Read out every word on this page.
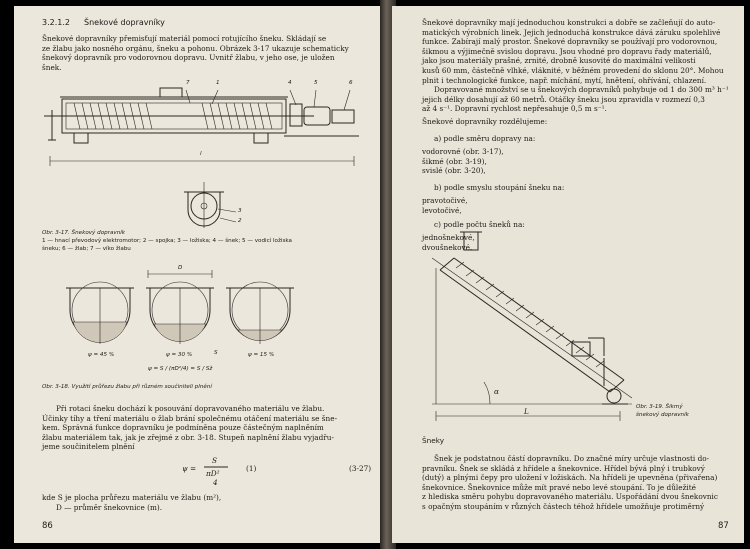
3.2.1.2 Šnekové dopravníky
Šnekové dopravníky přemisťují materiál pomocí rotujícího šneku. Skládají se
ze žlabu jako nosného orgánu, šneku a pohonu. Obrázek 3-17 ukazuje schematicky
šnekový dopravník pro vodorovnou dopravu. Uvnitř žlabu, v jeho ose, je uložen
šnek.
7	1	4	5	6
3
2
l
Obr. 3-17. Šnekový dopravník
1 — hnací převodový elektromotor; 2 — spojka; 3 — ložiska; 4 — šnek; 5 — vodicí ložiska
šneku; 6 — žlab; 7 — víko žlabu
D
S
ψ = 45 %	ψ = 30 %	ψ = 15 %
ψ = S / (πD²/4) = S / Sž
Obr. 3-18. Využití průřezu žlabu při různém součiniteli plnění
Při rotaci šneku dochází k posouvání dopravovaného materiálu ve žlabu.
Účinky tíhy a tření materiálu o žlab brání společnému otáčení materiálu se šne-
kem. Správná funkce dopravníku je podmíněna pouze částečným naplněním
žlabu materiálem tak, jak je zřejmé z obr. 3-18. Stupeň naplnění žlabu vyjadřu-
jeme součinitelem plnění
ψ =
S
πD²
4
(1)	(3-27)
kde S je plocha průřezu materiálu ve žlabu (m²),
D — průměr šnekovnice (m).
86
Šnekové dopravníky mají jednoduchou konstrukci a dobře se začleňují do auto-
matických výrobních linek. Jejich jednoduchá konstrukce dává záruku spolehlivé
funkce. Zabírají malý prostor. Šnekové dopravníky se používají pro vodorovnou,
šikmou a výjimečně svislou dopravu. Jsou vhodné pro dopravu řady materiálů,
jako jsou materiály prašné, zrnité, drobně kusovité do maximální velikosti
kusů 60 mm, částečně vlhké, vláknité, v běžném provedení do sklonu 20°. Mohou
plnit i technologické funkce, např. míchání, mytí, hnětení, ohřívání, chlazení.
Dopravované množství se u šnekových dopravníků pohybuje od 1 do 300 m³ h⁻¹
jejich délky dosahují až 60 metrů. Otáčky šneku jsou zpravidla v rozmezí 0,3
až 4 s⁻¹. Dopravní rychlost nepřesahuje 0,5 m s⁻¹.
Šnekové dopravníky rozdělujeme:
a) podle směru dopravy na:
vodorovné (obr. 3-17),
šikmé (obr. 3-19),
svislé (obr. 3-20),
b) podle smyslu stoupání šneku na:
pravotočivé,
levotočivé,
c) podle počtu šneků na:
jednošnekové,
dvoušnekové.
α
L	Obr. 3-19. Šikmý
šnekový dopravník
Šneky
Šnek je podstatnou částí dopravníku. Do značné míry určuje vlastnosti do-
pravníku. Šnek se skládá z hřídele a šnekovnice. Hřídel bývá plný i trubkový
(dutý) a plnými čepy pro uložení v ložiskách. Na hřídeli je upevněna (přivařena)
šnekovnice. Šnekovnice může mít pravé nebo levé stoupání. To je důležité
z hlediska směru pohybu dopravovaného materiálu. Uspořádání dvou šnekovnic
s opačným stoupáním v různých částech téhož hřídele umožňuje protiměrný
87
